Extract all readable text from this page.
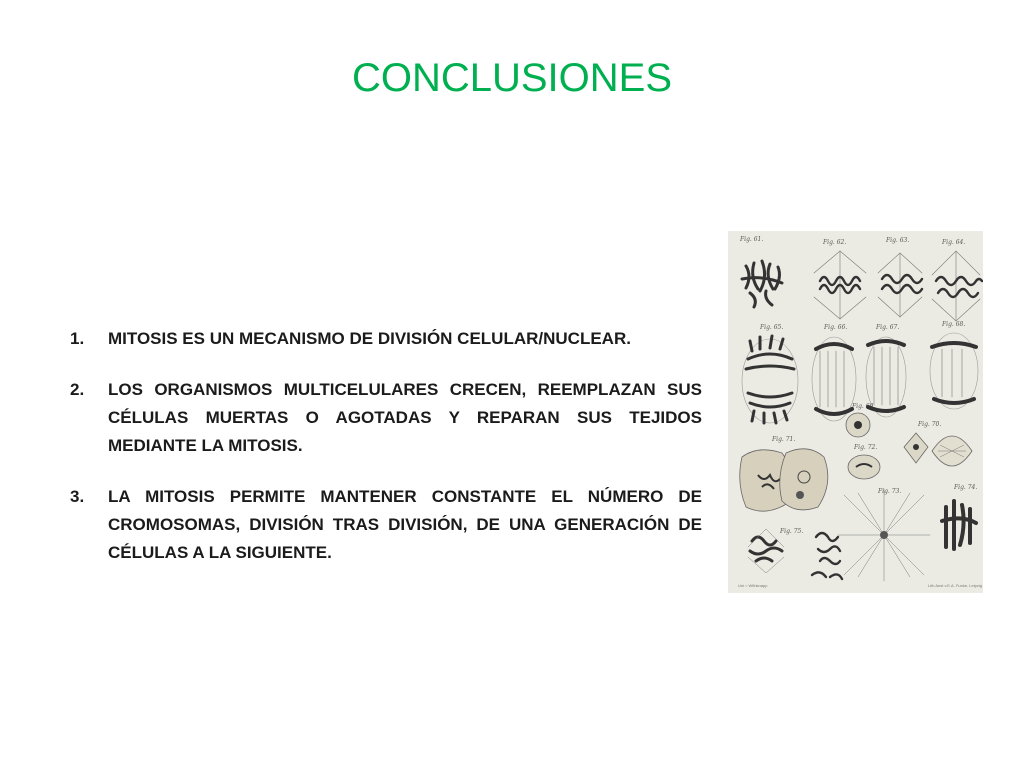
CONCLUSIONES
1.	MITOSIS ES UN MECANISMO DE DIVISIÓN CELULAR/NUCLEAR.
2.	LOS ORGANISMOS MULTICELULARES CRECEN, REEMPLAZAN SUS CÉLULAS MUERTAS O AGOTADAS Y REPARAN SUS TEJIDOS MEDIANTE LA MITOSIS.
3.	LA MITOSIS PERMITE MANTENER CONSTANTE EL NÚMERO DE CROMOSOMAS, DIVISIÓN TRAS DIVISIÓN, DE UNA GENERACIÓN DE CÉLULAS A LA SIGUIENTE.
Fig. 61.	Fig. 62.	Fig. 63.	Fig. 64.
Fig. 65.	Fig. 66.	Fig. 67.	Fig. 68.
Fig. 69.
Fig. 70.
Fig. 71.
Fig. 72.
Fig. 73.
Fig. 74.
Fig. 75.
Uni = Withknapp	Lith Anst v.E.A. Funke, Leipzig
